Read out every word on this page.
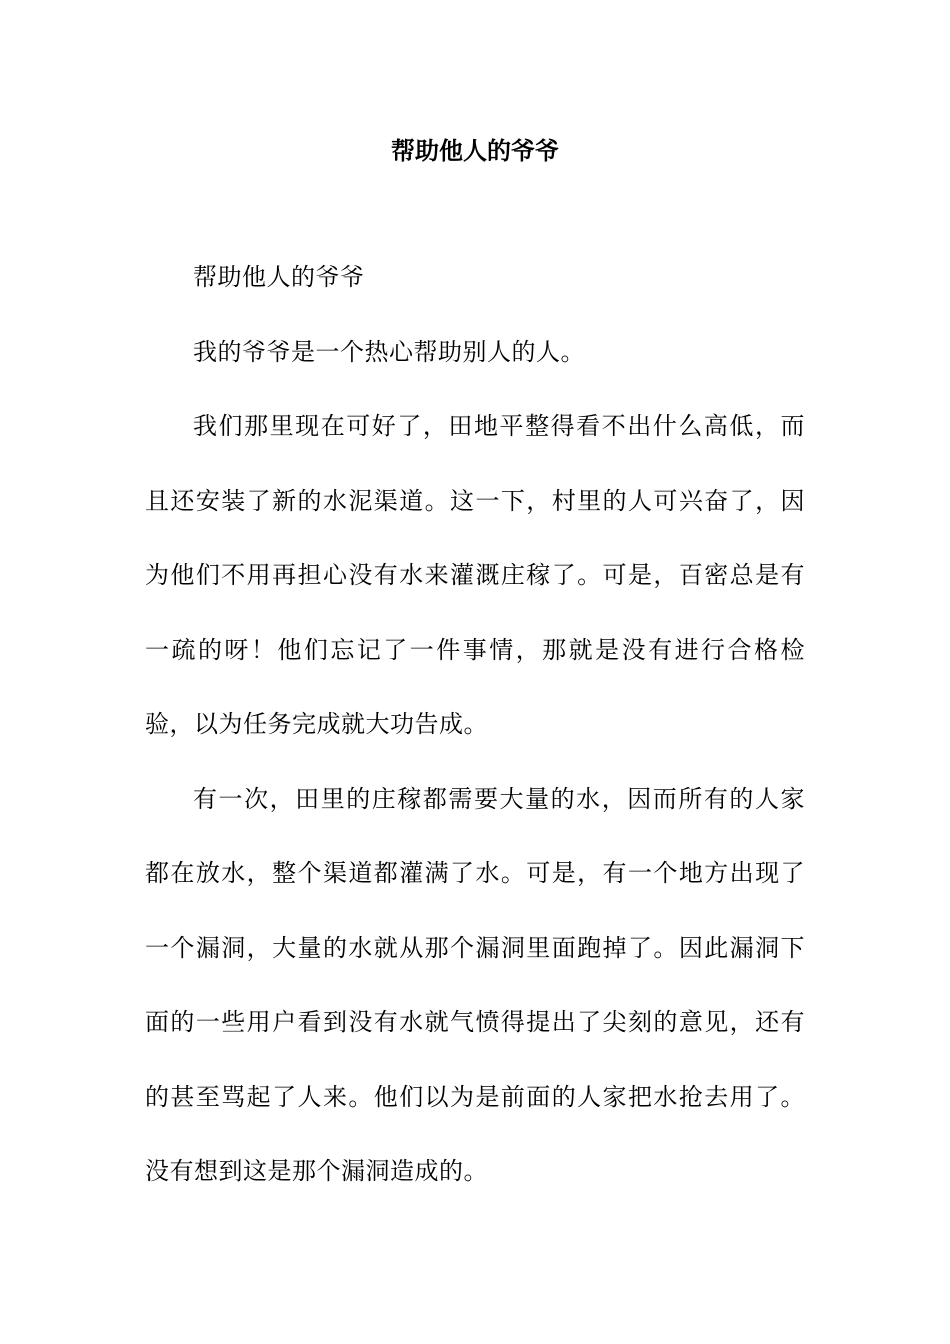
帮助他人的爷爷

帮助他人的爷爷

我的爷爷是一个热心帮助别人的人。

我们那里现在可好了，田地平整得看不出什么高低，而且还安装了新的水泥渠道。这一下，村里的人可兴奋了，因为他们不用再担心没有水来灌溉庄稼了。可是，百密总是有一疏的呀！他们忘记了一件事情，那就是没有进行合格检验，以为任务完成就大功告成。

有一次，田里的庄稼都需要大量的水，因而所有的人家都在放水，整个渠道都灌满了水。可是，有一个地方出现了一个漏洞，大量的水就从那个漏洞里面跑掉了。因此漏洞下面的一些用户看到没有水就气愤得提出了尖刻的意见，还有的甚至骂起了人来。他们以为是前面的人家把水抢去用了。没有想到这是那个漏洞造成的。
